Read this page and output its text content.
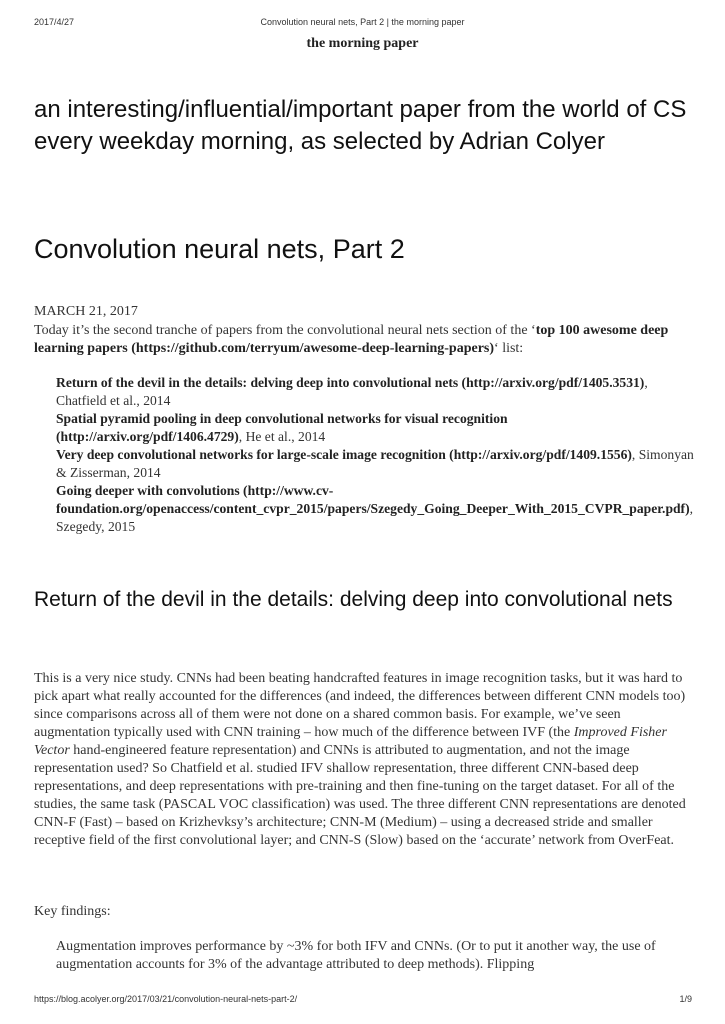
2017/4/27	Convolution neural nets, Part 2 | the morning paper
the morning paper
an interesting/influential/important paper from the world of CS every weekday morning, as selected by Adrian Colyer
Convolution neural nets, Part 2
MARCH 21, 2017
Today it’s the second tranche of papers from the convolutional neural nets section of the ‘top 100 awesome deep learning papers (https://github.com/terryum/awesome-deep-learning-papers)‘ list:
Return of the devil in the details: delving deep into convolutional nets (http://arxiv.org/pdf/1405.3531), Chatfield et al., 2014
Spatial pyramid pooling in deep convolutional networks for visual recognition (http://arxiv.org/pdf/1406.4729), He et al., 2014
Very deep convolutional networks for large-scale image recognition (http://arxiv.org/pdf/1409.1556), Simonyan & Zisserman, 2014
Going deeper with convolutions (http://www.cv-foundation.org/openaccess/content_cvpr_2015/papers/Szegedy_Going_Deeper_With_2015_CVPR_paper.pdf), Szegedy, 2015
Return of the devil in the details: delving deep into convolutional nets

This is a very nice study. CNNs had been beating handcrafted features in image recognition tasks, but it was hard to pick apart what really accounted for the differences (and indeed, the differences between different CNN models too) since comparisons across all of them were not done on a shared common basis. For example, we’ve seen augmentation typically used with CNN training – how much of the difference between IVF (the Improved Fisher Vector hand-engineered feature representation) and CNNs is attributed to augmentation, and not the image representation used? So Chatfield et al. studied IFV shallow representation, three different CNN-based deep representations, and deep representations with pre-training and then fine-tuning on the target dataset. For all of the studies, the same task (PASCAL VOC classification) was used. The three different CNN representations are denoted CNN-F (Fast) – based on Krizhevksy’s architecture; CNN-M (Medium) – using a decreased stride and smaller receptive field of the first convolutional layer; and CNN-S (Slow) based on the ‘accurate’ network from OverFeat.

Key findings:

Augmentation improves performance by ~3% for both IFV and CNNs. (Or to put it another way, the use of augmentation accounts for 3% of the advantage attributed to deep methods). Flipping

https://blog.acolyer.org/2017/03/21/convolution-neural-nets-part-2/	1/9
